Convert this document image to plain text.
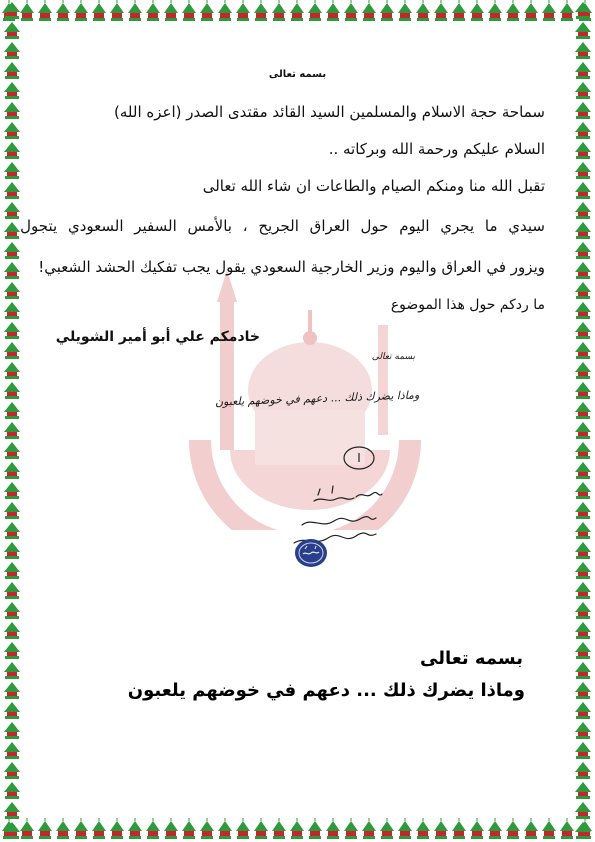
بسمه تعالى
سماحة حجة الاسلام والمسلمين السيد القائد مقتدى الصدر (اعزه الله)
السلام عليكم ورحمة الله وبركاته ..
تقبل الله منا ومنكم الصيام والطاعات ان شاء الله تعالى
سيدي ما يجري اليوم حول العراق الجريح ، بالأمس السفير السعودي يتجول
ويزور في العراق واليوم وزير الخارجية السعودي يقول يجب تفكيك الحشد الشعبي!
ما ردكم حول هذا الموضوع
خادمكم علي أبو أمير الشويلي
بسمه تعالى
وماذا يضرك ذلك ... دعهم في خوضهم يلعبون
بسمه تعالى
وماذا يضرك ذلك ... دعهم في خوضهم يلعبون
